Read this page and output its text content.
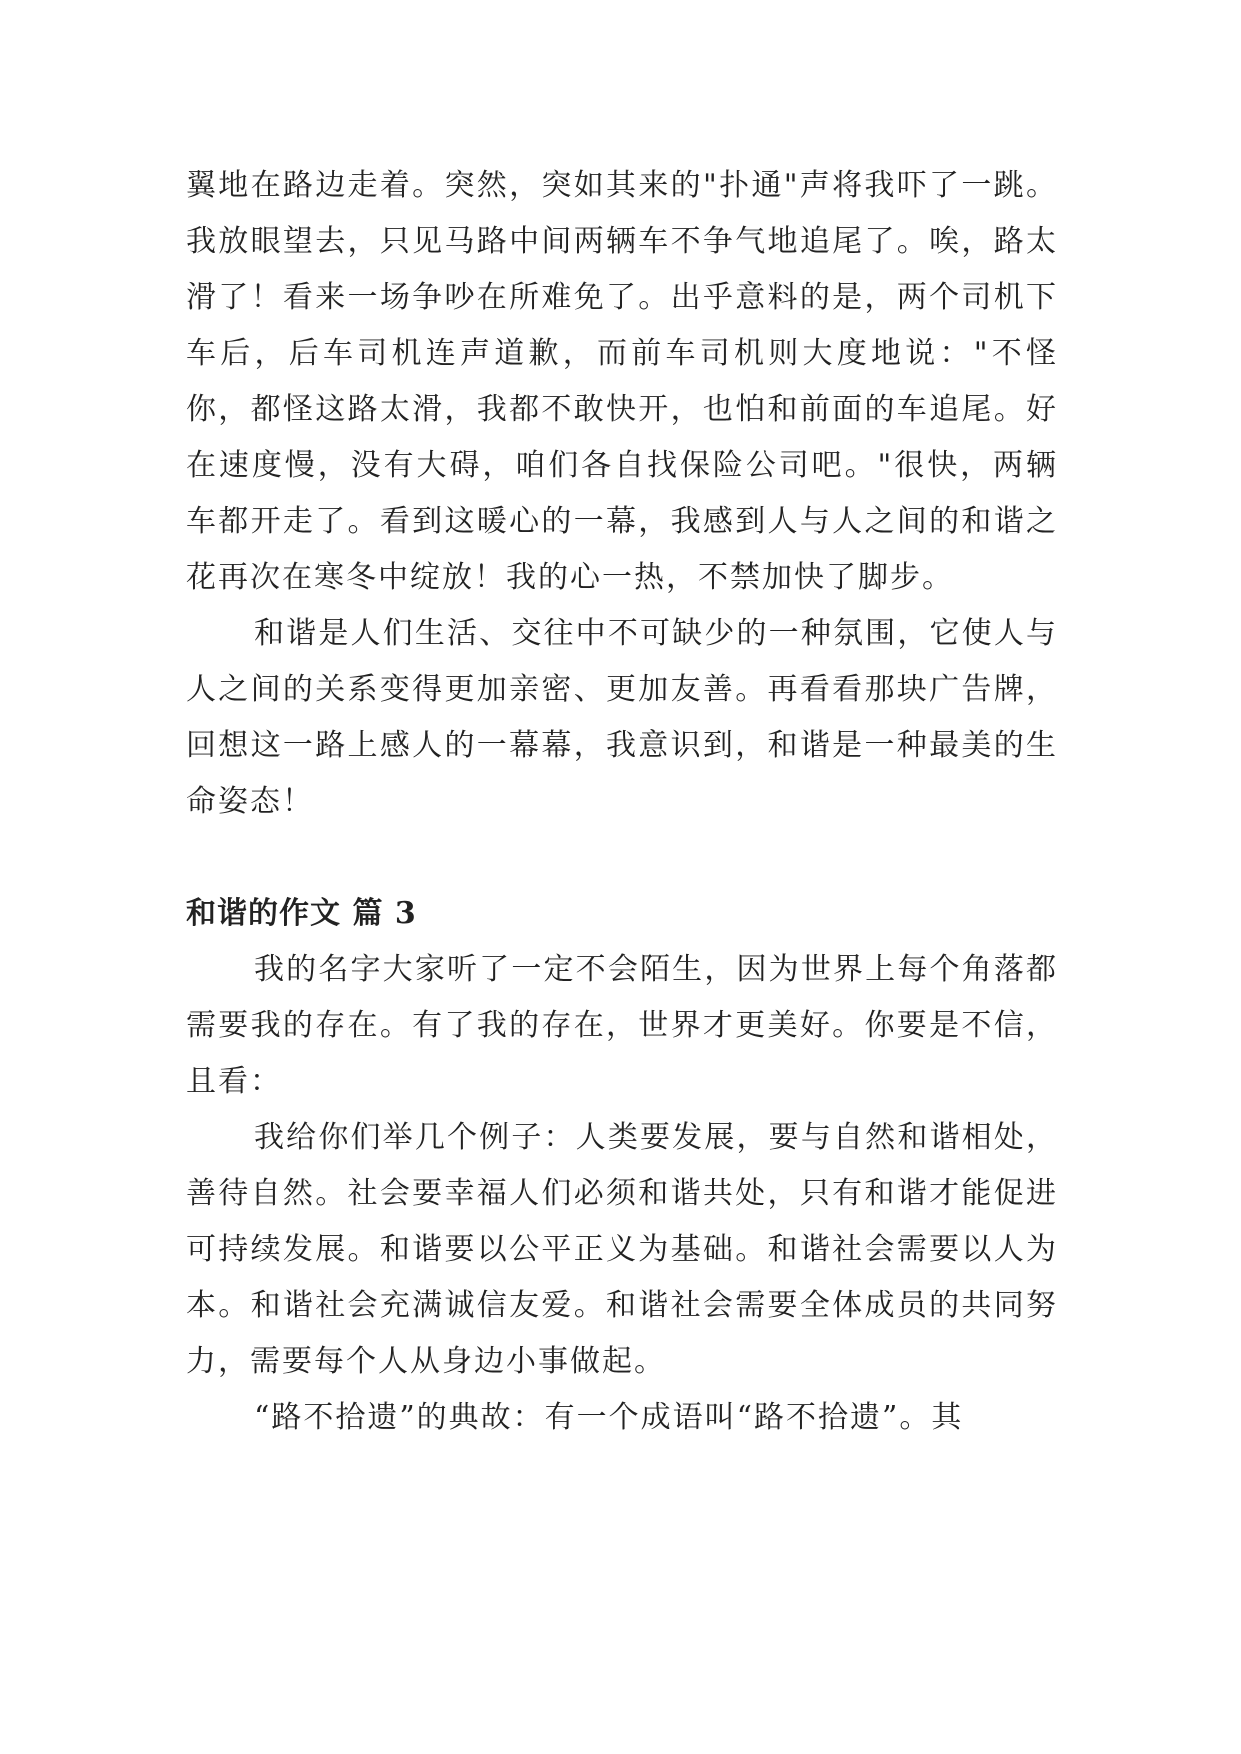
翼地在路边走着。突然，突如其来的"扑通"声将我吓了一跳。我放眼望去，只见马路中间两辆车不争气地追尾了。唉，路太滑了！看来一场争吵在所难免了。出乎意料的是，两个司机下车后，后车司机连声道歉，而前车司机则大度地说："不怪你，都怪这路太滑，我都不敢快开，也怕和前面的车追尾。好在速度慢，没有大碍，咱们各自找保险公司吧。"很快，两辆车都开走了。看到这暖心的一幕，我感到人与人之间的和谐之花再次在寒冬中绽放！我的心一热，不禁加快了脚步。

和谐是人们生活、交往中不可缺少的一种氛围，它使人与人之间的关系变得更加亲密、更加友善。再看看那块广告牌，回想这一路上感人的一幕幕，我意识到，和谐是一种最美的生命姿态！

和谐的作文 篇 3

我的名字大家听了一定不会陌生，因为世界上每个角落都需要我的存在。有了我的存在，世界才更美好。你要是不信，且看：

我给你们举几个例子：人类要发展，要与自然和谐相处，善待自然。社会要幸福人们必须和谐共处，只有和谐才能促进可持续发展。和谐要以公平正义为基础。和谐社会需要以人为本。和谐社会充满诚信友爱。和谐社会需要全体成员的共同努力，需要每个人从身边小事做起。

“路不拾遗”的典故：有一个成语叫“路不拾遗”。其
